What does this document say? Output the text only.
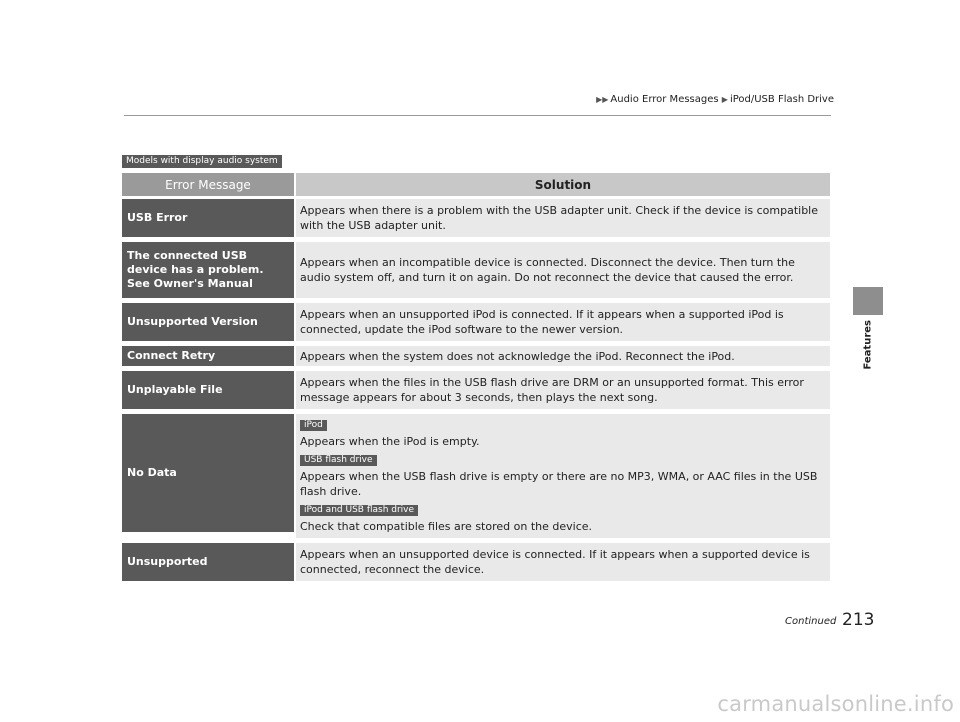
▶▶ Audio Error Messages ▶ iPod/USB Flash Drive
Features
Models with display audio system
Error Message	Solution
USB Error
Appears when there is a problem with the USB adapter unit. Check if the device is compatible with the USB adapter unit.
The connected USB device has a problem. See Owner's Manual
Appears when an incompatible device is connected. Disconnect the device. Then turn the audio system off, and turn it on again. Do not reconnect the device that caused the error.
Unsupported Version
Appears when an unsupported iPod is connected. If it appears when a supported iPod is connected, update the iPod software to the newer version.
Connect Retry	Appears when the system does not acknowledge the iPod. Reconnect the iPod.
Unplayable File
Appears when the files in the USB flash drive are DRM or an unsupported format. This error message appears for about 3 seconds, then plays the next song.
No Data
iPod
Appears when the iPod is empty.
USB flash drive
Appears when the USB flash drive is empty or there are no MP3, WMA, or AAC files in the USB flash drive.
iPod and USB flash drive
Check that compatible files are stored on the device.
Unsupported
Appears when an unsupported device is connected. If it appears when a supported device is connected, reconnect the device.
Continued 213
carmanualsonline.info
